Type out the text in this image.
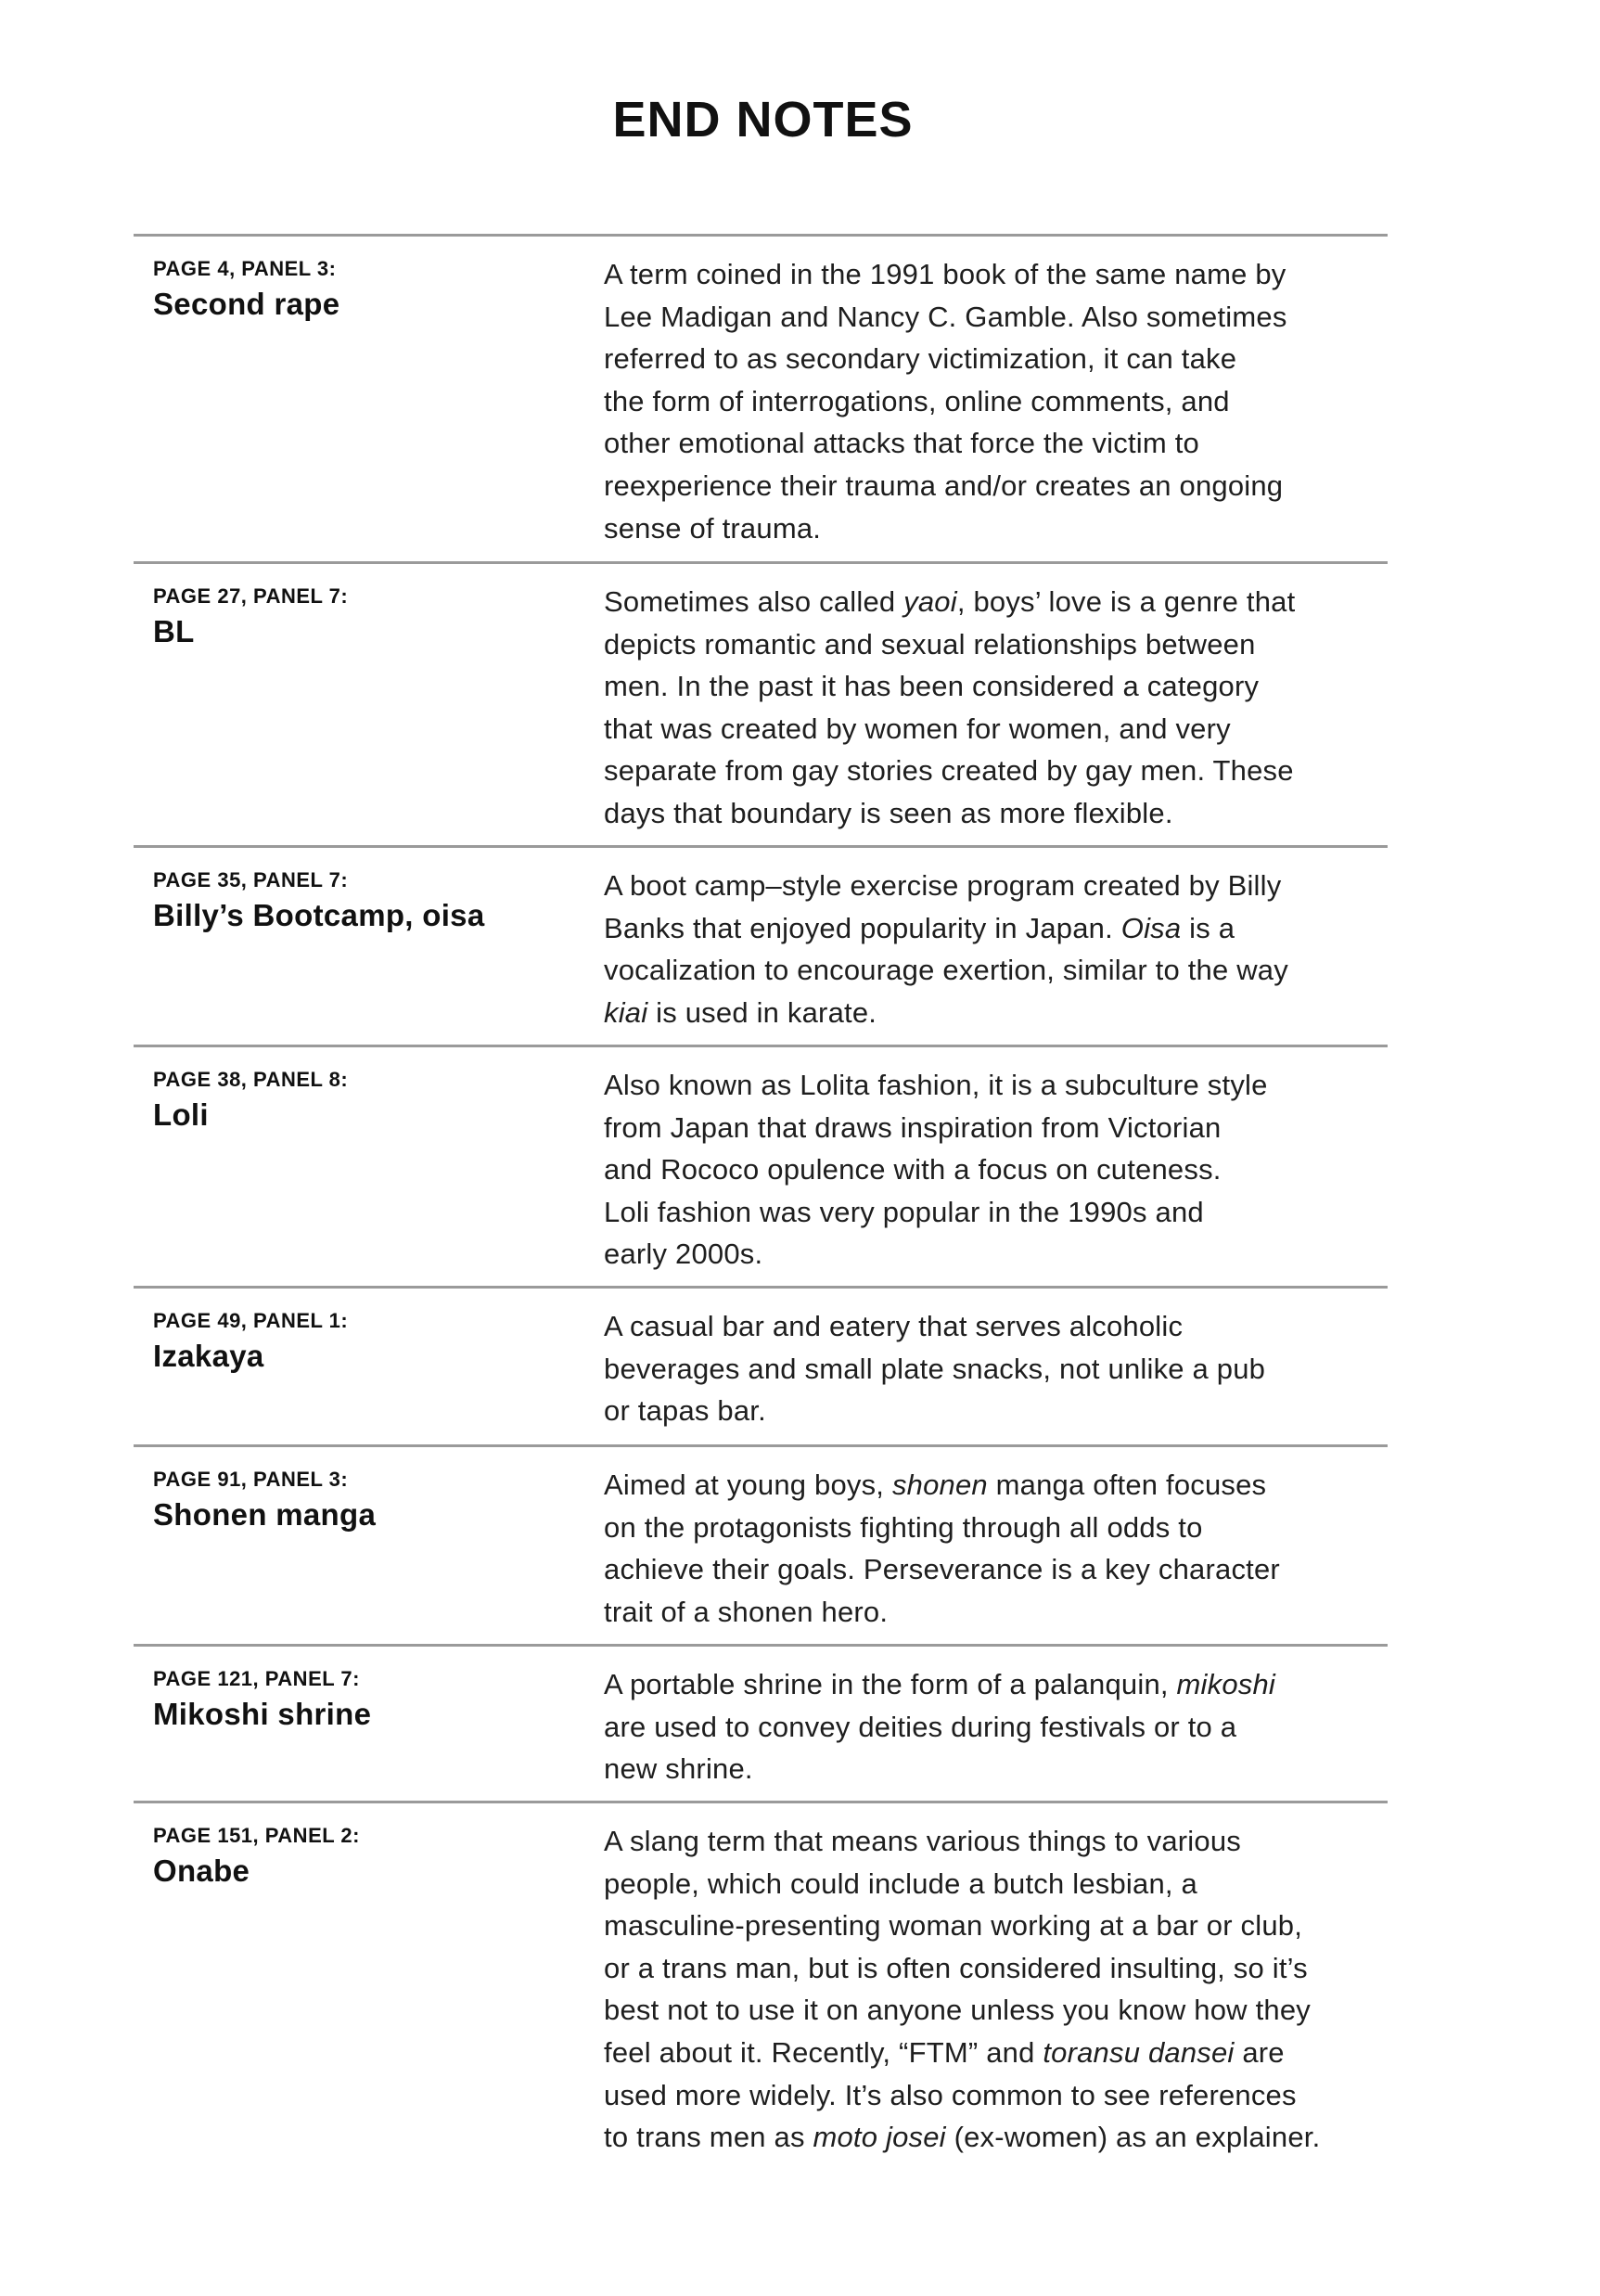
END NOTES
PAGE 4, PANEL 3:
Second rape
A term coined in the 1991 book of the same name by
Lee Madigan and Nancy C. Gamble. Also sometimes
referred to as secondary victimization, it can take
the form of interrogations, online comments, and
other emotional attacks that force the victim to
reexperience their trauma and/or creates an ongoing
sense of trauma.
PAGE 27, PANEL 7:
BL
Sometimes also called yaoi, boys’ love is a genre that
depicts romantic and sexual relationships between
men. In the past it has been considered a category
that was created by women for women, and very
separate from gay stories created by gay men. These
days that boundary is seen as more flexible.
PAGE 35, PANEL 7:
Billy’s Bootcamp, oisa
A boot camp–style exercise program created by Billy
Banks that enjoyed popularity in Japan. Oisa is a
vocalization to encourage exertion, similar to the way
kiai is used in karate.
PAGE 38, PANEL 8:
Loli
Also known as Lolita fashion, it is a subculture style
from Japan that draws inspiration from Victorian
and Rococo opulence with a focus on cuteness.
Loli fashion was very popular in the 1990s and
early 2000s.
PAGE 49, PANEL 1:
Izakaya
A casual bar and eatery that serves alcoholic
beverages and small plate snacks, not unlike a pub
or tapas bar.
PAGE 91, PANEL 3:
Shonen manga
Aimed at young boys, shonen manga often focuses
on the protagonists fighting through all odds to
achieve their goals. Perseverance is a key character
trait of a shonen hero.
PAGE 121, PANEL 7:
Mikoshi shrine
A portable shrine in the form of a palanquin, mikoshi
are used to convey deities during festivals or to a
new shrine.
PAGE 151, PANEL 2:
Onabe
A slang term that means various things to various
people, which could include a butch lesbian, a
masculine-presenting woman working at a bar or club,
or a trans man, but is often considered insulting, so it’s
best not to use it on anyone unless you know how they
feel about it. Recently, “FTM” and toransu dansei are
used more widely. It’s also common to see references
to trans men as moto josei (ex-women) as an explainer.
